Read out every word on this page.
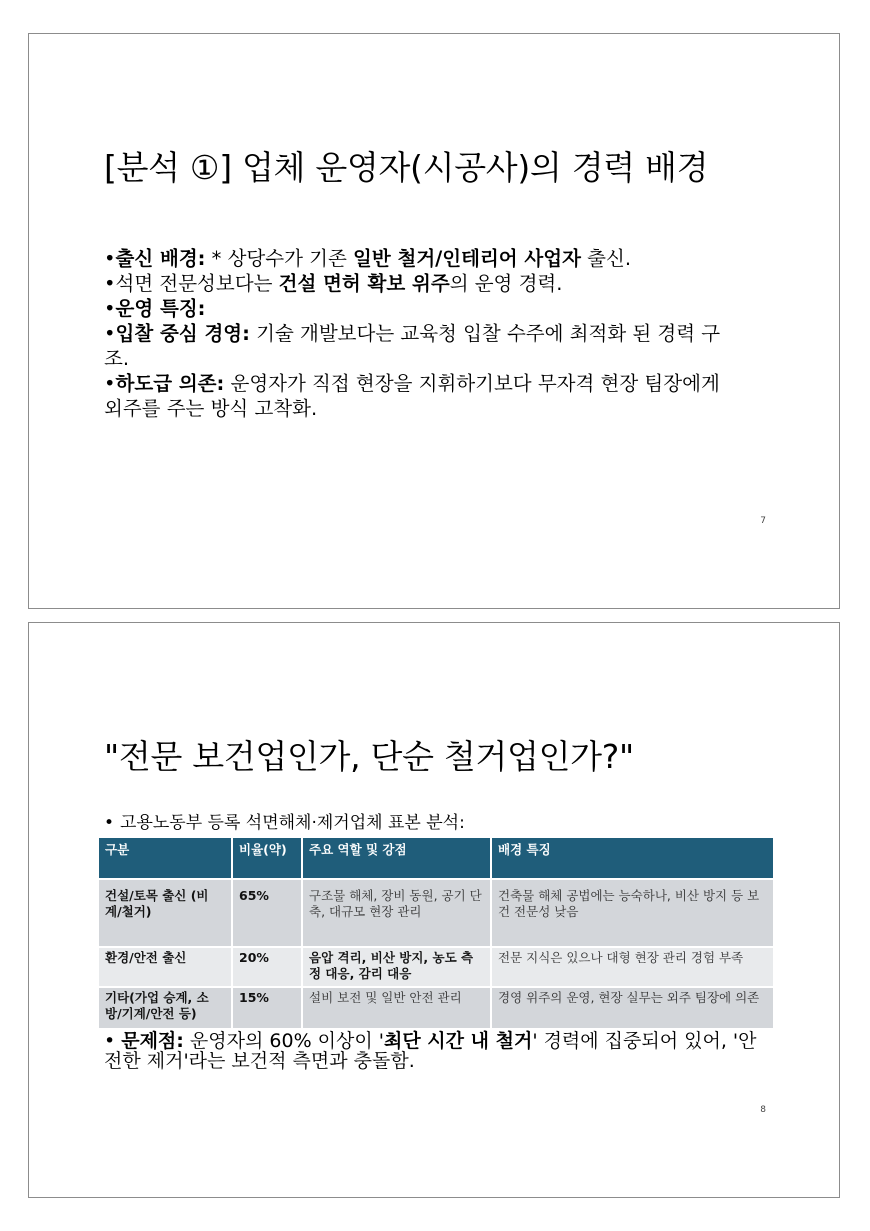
[분석 ①] 업체 운영자(시공사)의 경력 배경
•출신 배경: * 상당수가 기존 일반 철거/인테리어 사업자 출신.
•석면 전문성보다는 건설 면허 확보 위주의 운영 경력.
•운영 특징:
•입찰 중심 경영: 기술 개발보다는 교육청 입찰 수주에 최적화 된 경력 구조.
•하도급 의존: 운영자가 직접 현장을 지휘하기보다 무자격 현장 팀장에게 외주를 주는 방식 고착화.
7
"전문 보건업인가, 단순 철거업인가?"
• 고용노동부 등록 석면해체·제거업체 표본 분석:
구분	비율(약)	주요 역할 및 강점	배경 특징
건설/토목 출신 (비계/철거)	65%	구조물 해체, 장비 동원, 공기 단축, 대규모 현장 관리	건축물 해체 공법에는 능숙하나, 비산 방지 등 보건 전문성 낮음
환경/안전 출신	20%	음압 격리, 비산 방지, 농도 측정 대응, 감리 대응	전문 지식은 있으나 대형 현장 관리 경험 부족
기타(가업 승계, 소방/기계/안전 등)	15%	설비 보전 및 일반 안전 관리	경영 위주의 운영, 현장 실무는 외주 팀장에 의존
• 문제점: 운영자의 60% 이상이 '최단 시간 내 철거' 경력에 집중되어 있어, '안전한 제거'라는 보건적 측면과 충돌함.
8
